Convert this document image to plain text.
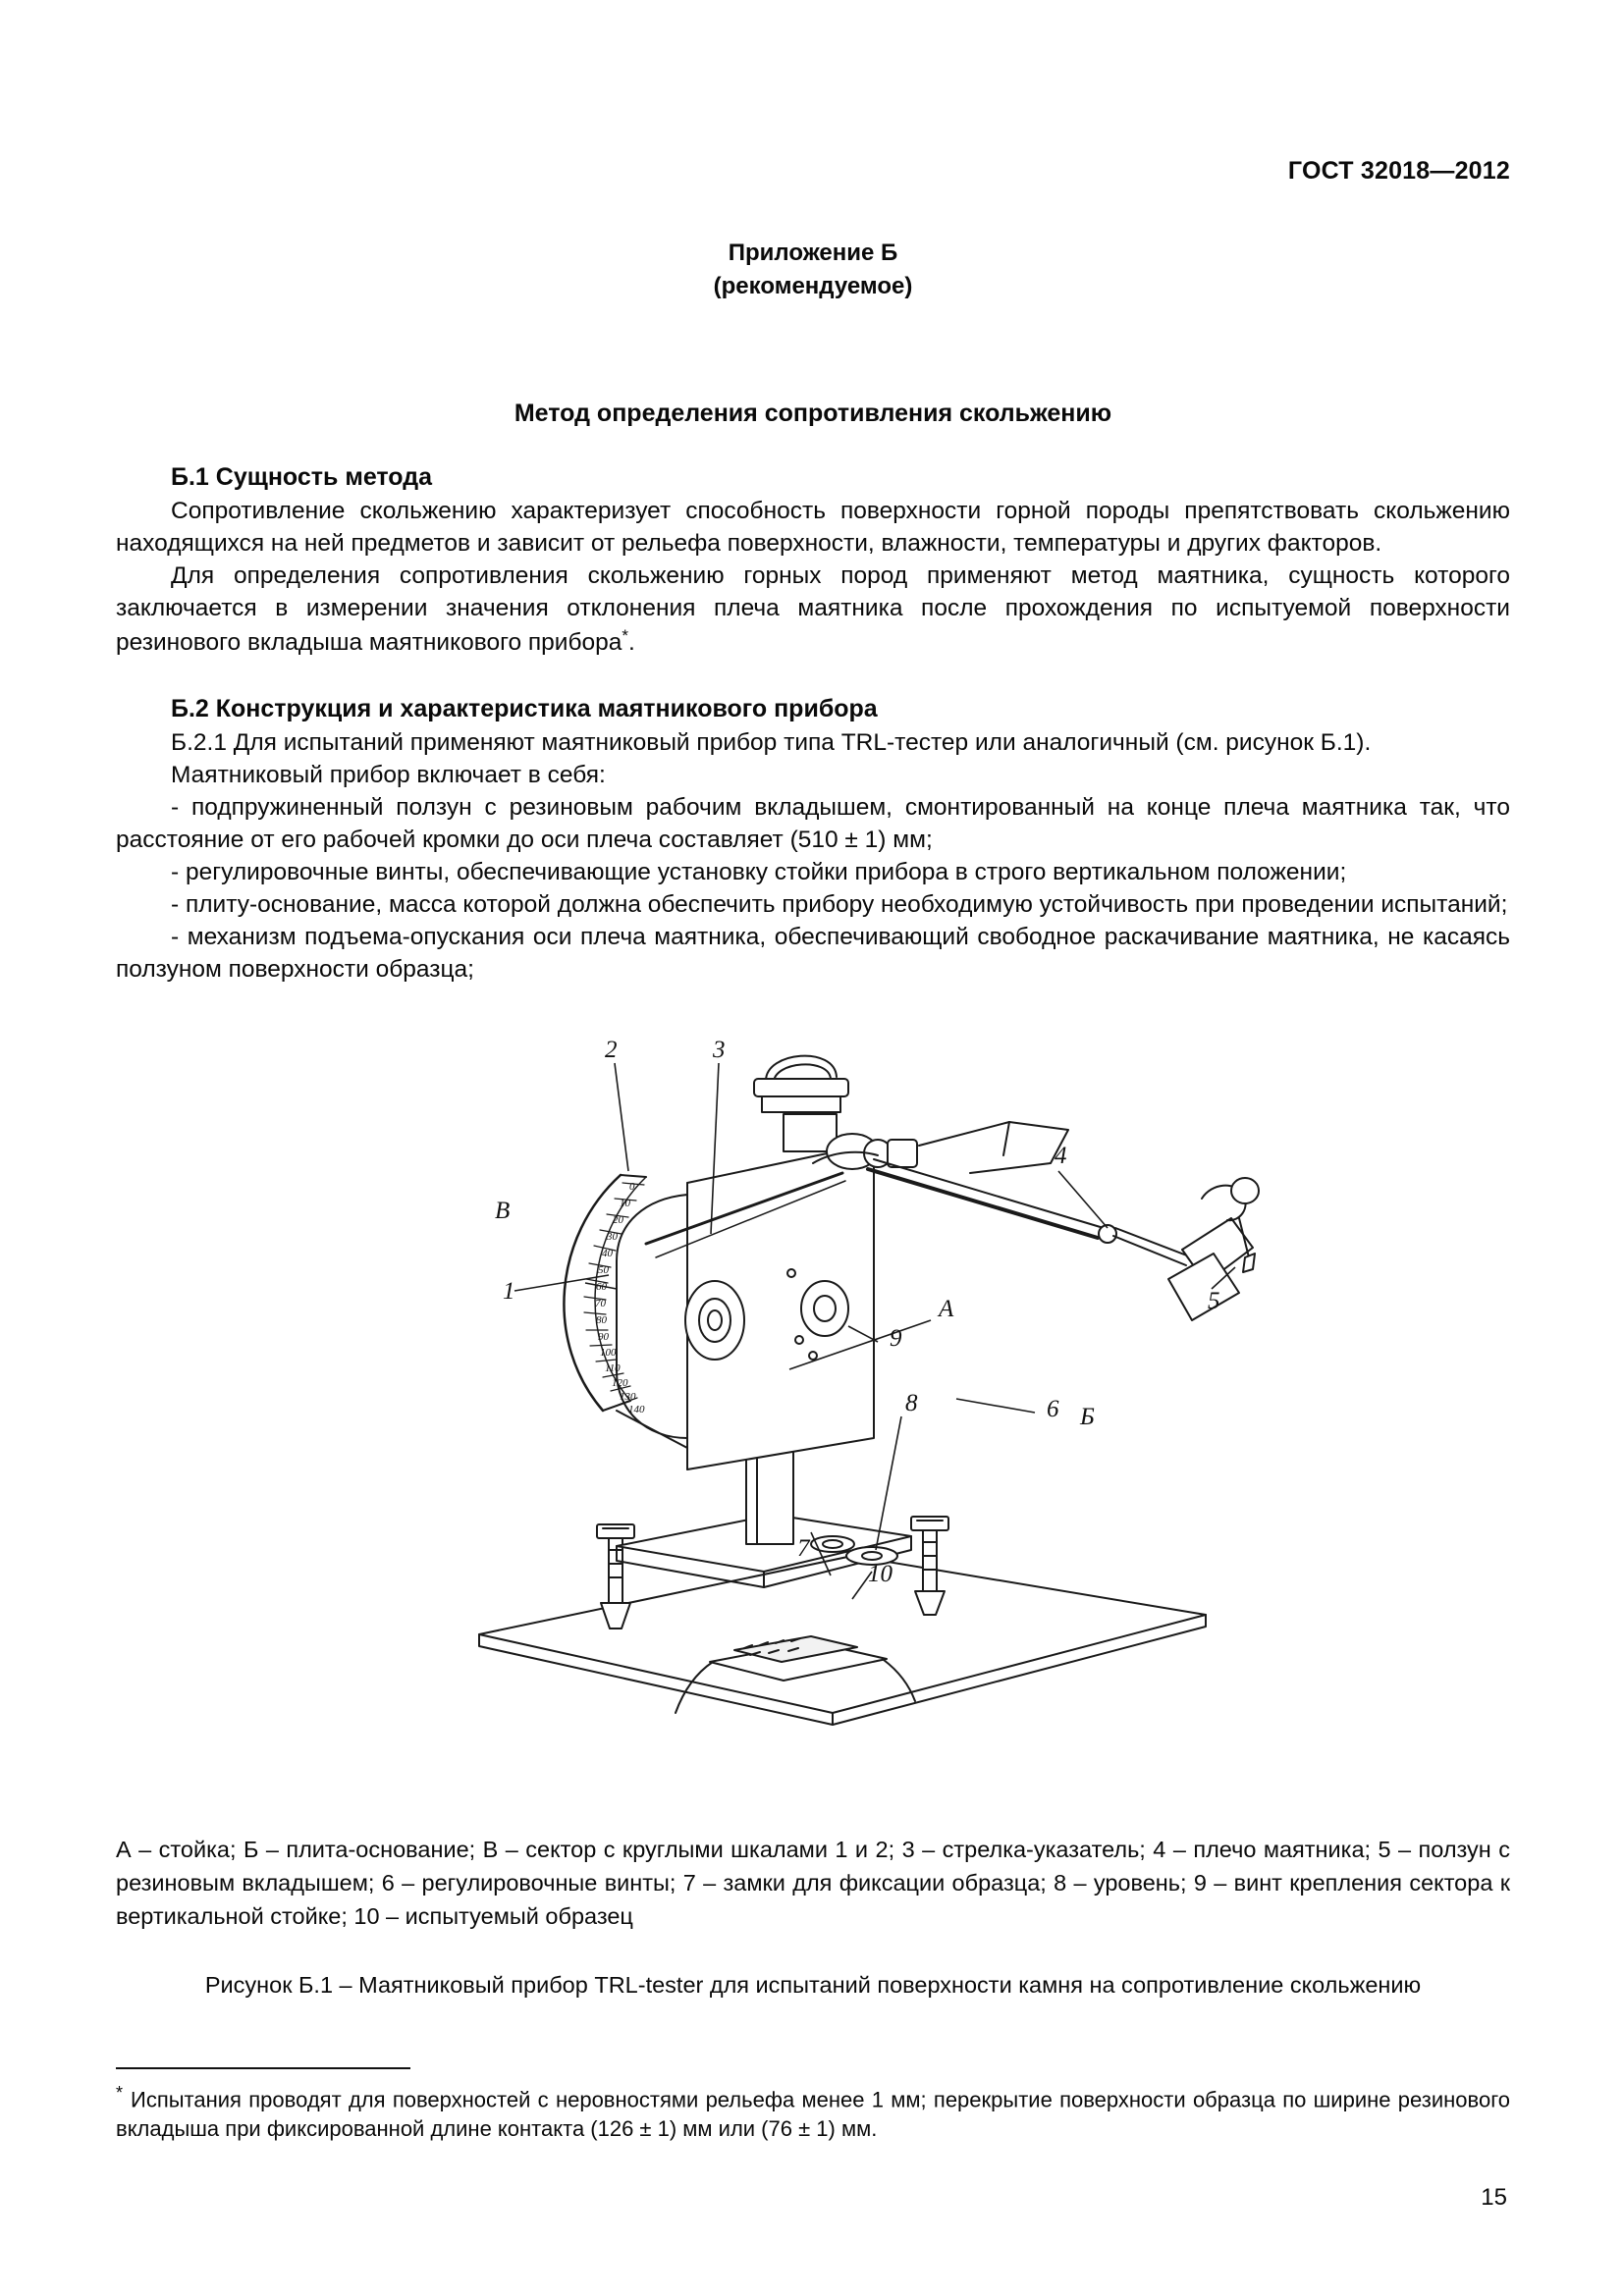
ГОСТ 32018—2012
Приложение Б
(рекомендуемое)
Метод определения сопротивления скольжению
Б.1 Сущность метода

Сопротивление скольжению характеризует способность поверхности горной породы препятствовать скольжению находящихся на ней предметов и зависит от рельефа поверхности, влажности, температуры и других факторов.

Для определения сопротивления скольжению горных пород применяют метод маятника, сущность которого заключается в измерении значения отклонения плеча маятника после прохождения по испытуемой поверхности резинового вкладыша маятникового прибора*.

Б.2 Конструкция и характеристика маятникового прибора

Б.2.1 Для испытаний применяют маятниковый прибор типа TRL-тестер или аналогичный (см. рисунок Б.1).

Маятниковый прибор включает в себя:

- подпружиненный ползун с резиновым рабочим вкладышем, смонтированный на конце плеча маятника так, что расстояние от его рабочей кромки до оси плеча составляет (510 ± 1) мм;

- регулировочные винты, обеспечивающие установку стойки прибора в строго вертикальном положении;

- плиту-основание, масса которой должна обеспечить прибору необходимую устойчивость при проведении испытаний;

- механизм подъема-опускания оси плеча маятника, обеспечивающий свободное раскачивание маятника, не касаясь ползуном поверхности образца;

0
10
20
30
40
50
60
70
80
90
100
110
120
130
140
2	3
4
5
6
9
А
8
1
В
Б
7
10
А – стойка; Б – плита-основание; В – сектор с круглыми шкалами 1 и 2; 3 – стрелка-указатель; 4 – плечо маятника; 5 – ползун с резиновым вкладышем; 6 – регулировочные винты; 7 – замки для фиксации образца; 8 – уровень; 9 – винт крепления сектора к вертикальной стойке; 10 – испытуемый образец
Рисунок Б.1 – Маятниковый прибор TRL-tester для испытаний поверхности камня на сопротивление скольжению
* Испытания проводят для поверхностей с неровностями рельефа менее 1 мм; перекрытие поверхности образца по ширине резинового вкладыша при фиксированной длине контакта (126 ± 1) мм или (76 ± 1) мм.
15
